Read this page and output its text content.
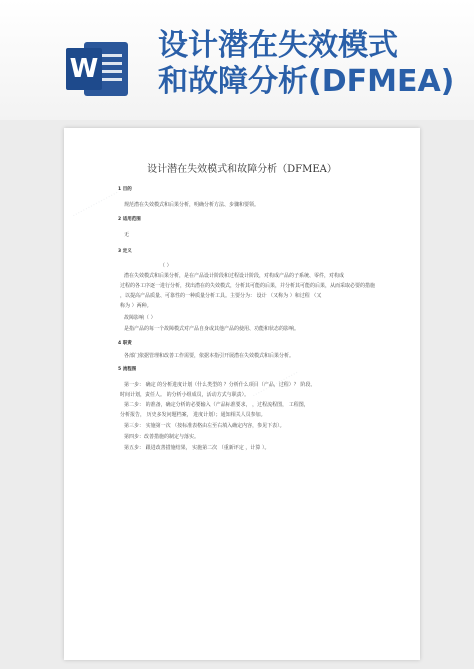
W
设计潜在失效模式
和故障分析(DFMEA)
··················
··················
设计潜在失效模式和故障分析（DFMEA）
1 目的
规范潜在失效模式和后果分析，明确分析方法、步骤和要领。
2 适用范围
无
3 定义
（ ）
潜在失效模式和后果分析，是在产品设计阶段和过程设计阶段，对构成产品的子系统、零件，对构成
过程的各工序逐一进行分析，找出潜在的失效模式，分析其可能的后果，并分析其可能的后果，从而采取必要的措施
，以提高产品质量、可靠性的一种质量分析工具。主要分为： 设计 （又称为 ）和过程 （又
称为 ）两种。
故障影响（ ）
是指产品的每一个故障模式对产品自身或其他产品的使用、功能和状态的影响。
4 职责
各部门依据管理和改善工作需要，依据本指引开展潜在失效模式和后果分析。
5 流程图
第一步： 确定 的分析进度计划（什么类型的 ？分析什么项目（产品，过程）？ 阶段、
时间计划，责任人。 的分析小组成员，活动方式与职责）。
第二步： 的准备，确定分析的必要输入（产品标准要求， ，过程流程图， 工程图，
分析报告， 历史多发问题档案， 进度计划）；通知相关人员参加。
第三步： 实施第一次 （按标准表格由左至右填入确定内容，参见下表）。
第四步：改善措施的制定与落实。
第五步： 跟进改善措施结果， 实施第二次 （重新评定 ，计算 ）。
